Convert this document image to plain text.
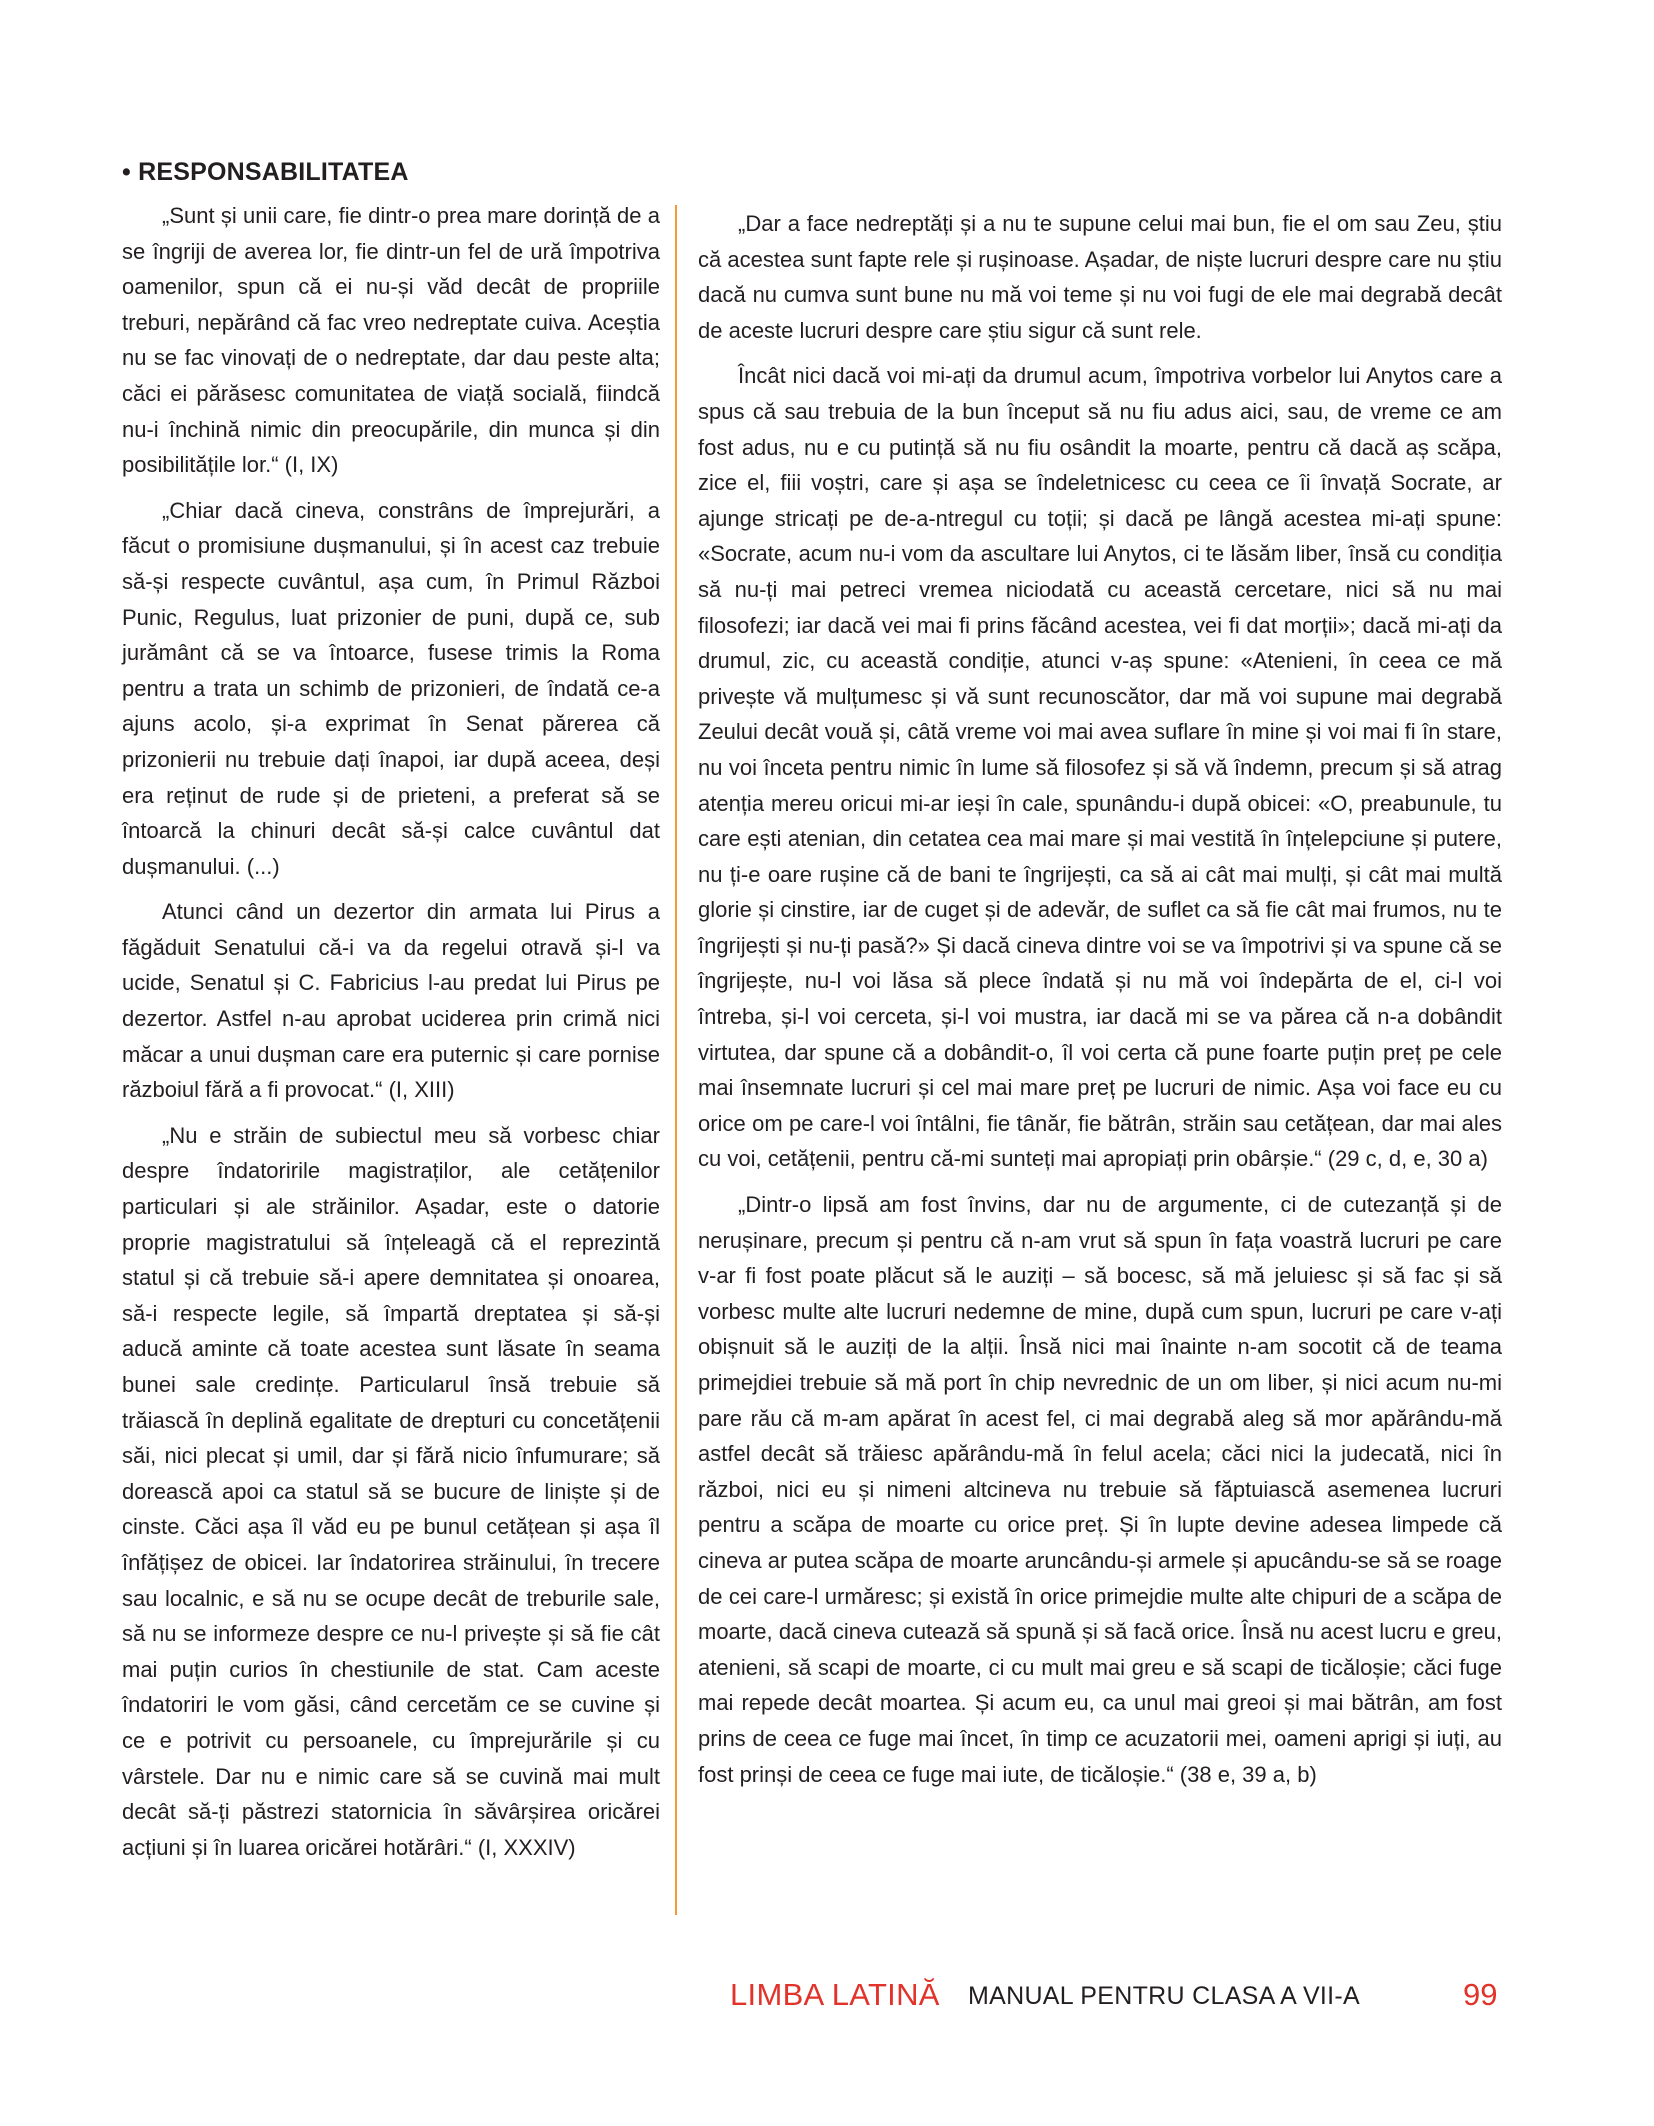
• RESPONSABILITATEA

„Sunt și unii care, fie dintr-o prea mare dorință de a se îngriji de averea lor, fie dintr-un fel de ură împotriva oamenilor, spun că ei nu-și văd decât de propriile treburi, nepărând că fac vreo nedreptate cuiva. Aceștia nu se fac vinovați de o nedreptate, dar dau peste alta; căci ei părăsesc comunitatea de viață socială, fiindcă nu-i închină nimic din preocupările, din munca și din posibilitățile lor.“ (I, IX)

„Chiar dacă cineva, constrâns de împrejurări, a făcut o promisiune dușmanului, și în acest caz trebuie să-și respecte cuvântul, așa cum, în Primul Război Punic, Regulus, luat prizonier de puni, după ce, sub jurământ că se va întoarce, fusese trimis la Roma pentru a trata un schimb de prizonieri, de îndată ce-a ajuns acolo, și-a exprimat în Senat părerea că prizonierii nu trebuie dați înapoi, iar după aceea, deși era reținut de rude și de prieteni, a preferat să se întoarcă la chinuri decât să-și calce cuvântul dat dușmanului. (...)

Atunci când un dezertor din armata lui Pirus a făgăduit Senatului că-i va da regelui otravă și-l va ucide, Senatul și C. Fabricius l-au predat lui Pirus pe dezertor. Astfel n-au aprobat uciderea prin crimă nici măcar a unui dușman care era puternic și care pornise războiul fără a fi provocat.“ (I, XIII)

„Nu e străin de subiectul meu să vorbesc chiar despre îndatoririle magistraților, ale cetățenilor particulari și ale străinilor. Așadar, este o datorie proprie magistratului să înțeleagă că el reprezintă statul și că trebuie să-i apere demnitatea și onoarea, să-i respecte legile, să împartă dreptatea și să-și aducă aminte că toate acestea sunt lăsate în seama bunei sale credințe. Particularul însă trebuie să trăiască în deplină egalitate de drepturi cu concetățenii săi, nici plecat și umil, dar și fără nicio înfumurare; să dorească apoi ca statul să se bucure de liniște și de cinste. Căci așa îl văd eu pe bunul cetățean și așa îl înfățișez de obicei. Iar îndatorirea străinului, în trecere sau localnic, e să nu se ocupe decât de treburile sale, să nu se informeze despre ce nu-l privește și să fie cât mai puțin curios în chestiunile de stat. Cam aceste îndatoriri le vom găsi, când cercetăm ce se cuvine și ce e potrivit cu persoanele, cu împrejurările și cu vârstele. Dar nu e nimic care să se cuvină mai mult decât să-ți păstrezi statornicia în săvârșirea oricărei acțiuni și în luarea oricărei hotărâri.“ (I, XXXIV)

„Dar a face nedreptăți și a nu te supune celui mai bun, fie el om sau Zeu, știu că acestea sunt fapte rele și rușinoase. Așadar, de niște lucruri despre care nu știu dacă nu cumva sunt bune nu mă voi teme și nu voi fugi de ele mai degrabă decât de aceste lucruri despre care știu sigur că sunt rele.

Încât nici dacă voi mi-ați da drumul acum, împotriva vorbelor lui Anytos care a spus că sau trebuia de la bun început să nu fiu adus aici, sau, de vreme ce am fost adus, nu e cu putință să nu fiu osândit la moarte, pentru că dacă aș scăpa, zice el, fiii voștri, care și așa se îndeletnicesc cu ceea ce îi învață Socrate, ar ajunge stricați pe de-a-ntregul cu toții; și dacă pe lângă acestea mi-ați spune: «Socrate, acum nu-i vom da ascultare lui Anytos, ci te lăsăm liber, însă cu condiția să nu-ți mai petreci vremea niciodată cu această cercetare, nici să nu mai filosofezi; iar dacă vei mai fi prins făcând acestea, vei fi dat morții»; dacă mi-ați da drumul, zic, cu această condiție, atunci v-aș spune: «Atenieni, în ceea ce mă privește vă mulțumesc și vă sunt recunoscător, dar mă voi supune mai degrabă Zeului decât vouă și, câtă vreme voi mai avea suflare în mine și voi mai fi în stare, nu voi înceta pentru nimic în lume să filosofez și să vă îndemn, precum și să atrag atenția mereu oricui mi-ar ieși în cale, spunându-i după obicei: «O, preabunule, tu care ești atenian, din cetatea cea mai mare și mai vestită în înțelepciune și putere, nu ți-e oare rușine că de bani te îngrijești, ca să ai cât mai mulți, și cât mai multă glorie și cinstire, iar de cuget și de adevăr, de suflet ca să fie cât mai frumos, nu te îngrijești și nu-ți pasă?» Și dacă cineva dintre voi se va împotrivi și va spune că se îngrijește, nu-l voi lăsa să plece îndată și nu mă voi îndepărta de el, ci-l voi întreba, și-l voi cerceta, și-l voi mustra, iar dacă mi se va părea că n-a dobândit virtutea, dar spune că a dobândit-o, îl voi certa că pune foarte puțin preț pe cele mai însemnate lucruri și cel mai mare preț pe lucruri de nimic. Așa voi face eu cu orice om pe care-l voi întâlni, fie tânăr, fie bătrân, străin sau cetățean, dar mai ales cu voi, cetățenii, pentru că-mi sunteți mai apropiați prin obârșie.“ (29 c, d, e, 30 a)

„Dintr-o lipsă am fost învins, dar nu de argumente, ci de cutezanță și de nerușinare, precum și pentru că n-am vrut să spun în fața voastră lucruri pe care v-ar fi fost poate plăcut să le auziți – să bocesc, să mă jeluiesc și să fac și să vorbesc multe alte lucruri nedemne de mine, după cum spun, lucruri pe care v-ați obișnuit să le auziți de la alții. Însă nici mai înainte n-am socotit că de teama primejdiei trebuie să mă port în chip nevrednic de un om liber, și nici acum nu-mi pare rău că m-am apărat în acest fel, ci mai degrabă aleg să mor apărându-mă astfel decât să trăiesc apărându-mă în felul acela; căci nici la judecată, nici în război, nici eu și nimeni altcineva nu trebuie să făptuiască asemenea lucruri pentru a scăpa de moarte cu orice preț. Și în lupte devine adesea limpede că cineva ar putea scăpa de moarte aruncându-și armele și apucându-se să se roage de cei care-l urmăresc; și există în orice primejdie multe alte chipuri de a scăpa de moarte, dacă cineva cutează să spună și să facă orice. Însă nu acest lucru e greu, atenieni, să scapi de moarte, ci cu mult mai greu e să scapi de ticăloșie; căci fuge mai repede decât moartea. Și acum eu, ca unul mai greoi și mai bătrân, am fost prins de ceea ce fuge mai încet, în timp ce acuzatorii mei, oameni aprigi și iuți, au fost prinși de ceea ce fuge mai iute, de ticăloșie.“ (38 e, 39 a, b)

LIMBA LATINĂ MANUAL PENTRU CLASA A VII-A	99
